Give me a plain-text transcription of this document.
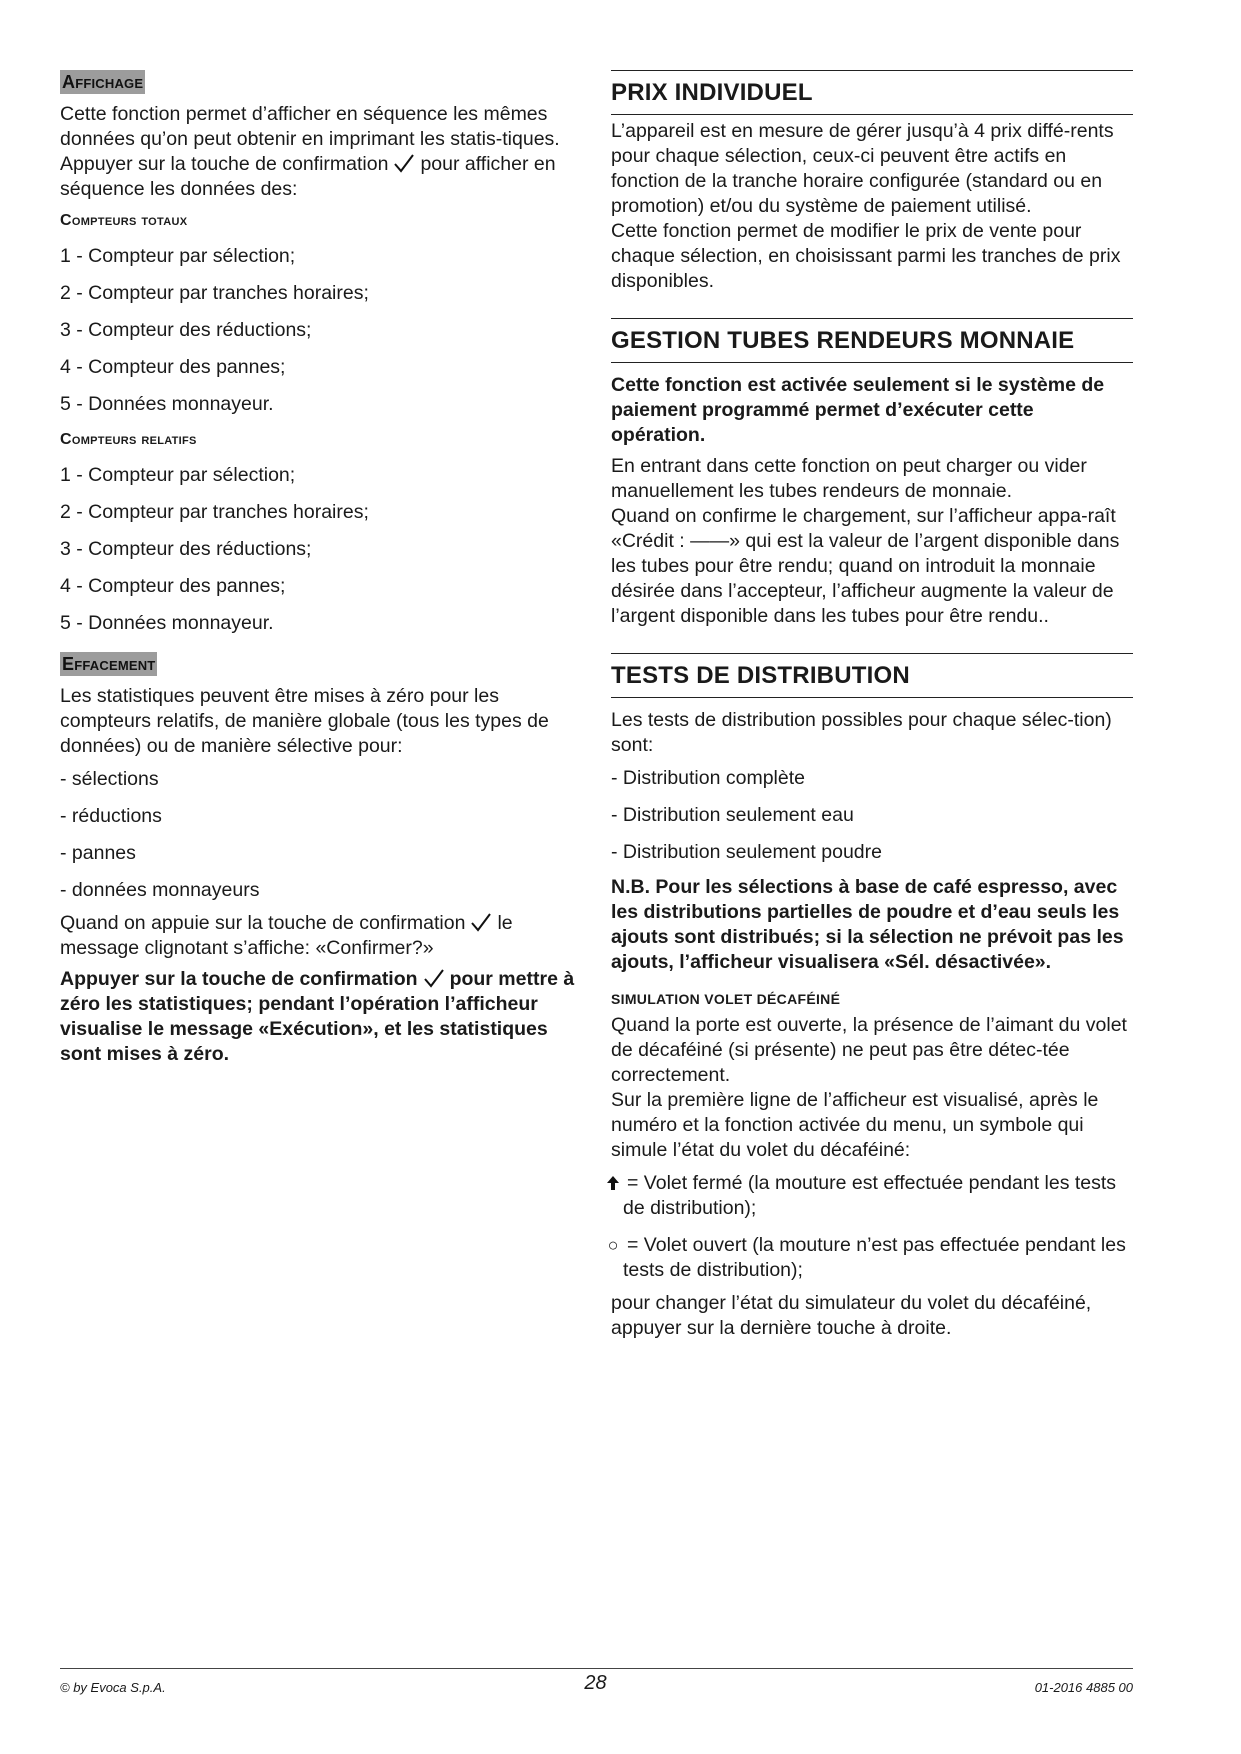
Affichage

Cette fonction permet d’afficher en séquence les mêmes données qu’on peut obtenir en imprimant les statis-tiques.

Appuyer sur la touche de confirmation pour afficher en séquence les données des:

Compteurs totaux

1 - Compteur par sélection;

2 - Compteur par tranches horaires;

3 - Compteur des réductions;

4 - Compteur des pannes;

5 - Données monnayeur.

Compteurs relatifs

1 - Compteur par sélection;

2 - Compteur par tranches horaires;

3 - Compteur des réductions;

4 - Compteur des pannes;

5 - Données monnayeur.

Effacement

Les statistiques peuvent être mises à zéro pour les compteurs relatifs, de manière globale (tous les types de données) ou de manière sélective pour:

- sélections

- réductions

- pannes

- données monnayeurs

Quand on appuie sur la touche de confirmation le message clignotant s’affiche: «Confirmer?»

Appuyer sur la touche de confirmation pour mettre à zéro les statistiques; pendant l’opération l’afficheur visualise le message «Exécution», et les statistiques sont mises à zéro.

PRIX INDIVIDUEL

L’appareil est en mesure de gérer jusqu’à 4 prix diffé-rents pour chaque sélection, ceux-ci peuvent être actifs en fonction de la tranche horaire configurée (standard ou en promotion) et/ou du système de paiement utilisé.

Cette fonction permet de modifier le prix de vente pour chaque sélection, en choisissant parmi les tranches de prix disponibles.

GESTION TUBES RENDEURS MONNAIE

Cette fonction est activée seulement si le système de paiement programmé permet d’exécuter cette opération.

En entrant dans cette fonction on peut charger ou vider manuellement les tubes rendeurs de monnaie.

Quand on confirme le chargement, sur l’afficheur appa-raît

«Crédit : ——» qui est la valeur de l’argent disponible dans les tubes pour être rendu; quand on introduit la monnaie désirée dans l’accepteur, l’afficheur augmente la valeur de l’argent disponible dans les tubes pour être rendu..

TESTS DE DISTRIBUTION

Les tests de distribution possibles pour chaque sélec-tion) sont:

- Distribution complète

- Distribution seulement eau

- Distribution seulement poudre

N.B. Pour les sélections à base de café espresso, avec les distributions partielles de poudre et d’eau seuls les ajouts sont distribués; si la sélection ne prévoit pas les ajouts, l’afficheur visualisera «Sél. désactivée».

SIMULATION VOLET DÉCAFÉINÉ

Quand la porte est ouverte, la présence de l’aimant du volet de décaféiné (si présente) ne peut pas être détec-tée correctement.

Sur la première ligne de l’afficheur est visualisé, après le numéro et la fonction activée du menu, un symbole qui simule l’état du volet du décaféiné:

= Volet fermé (la mouture est effectuée pendant les tests de distribution);

○ = Volet ouvert (la mouture n’est pas effectuée pendant les tests de distribution);

pour changer l’état du simulateur du volet du décaféiné, appuyer sur la dernière touche à droite.

© by Evoca S.p.A.	28	01-2016 4885 00
